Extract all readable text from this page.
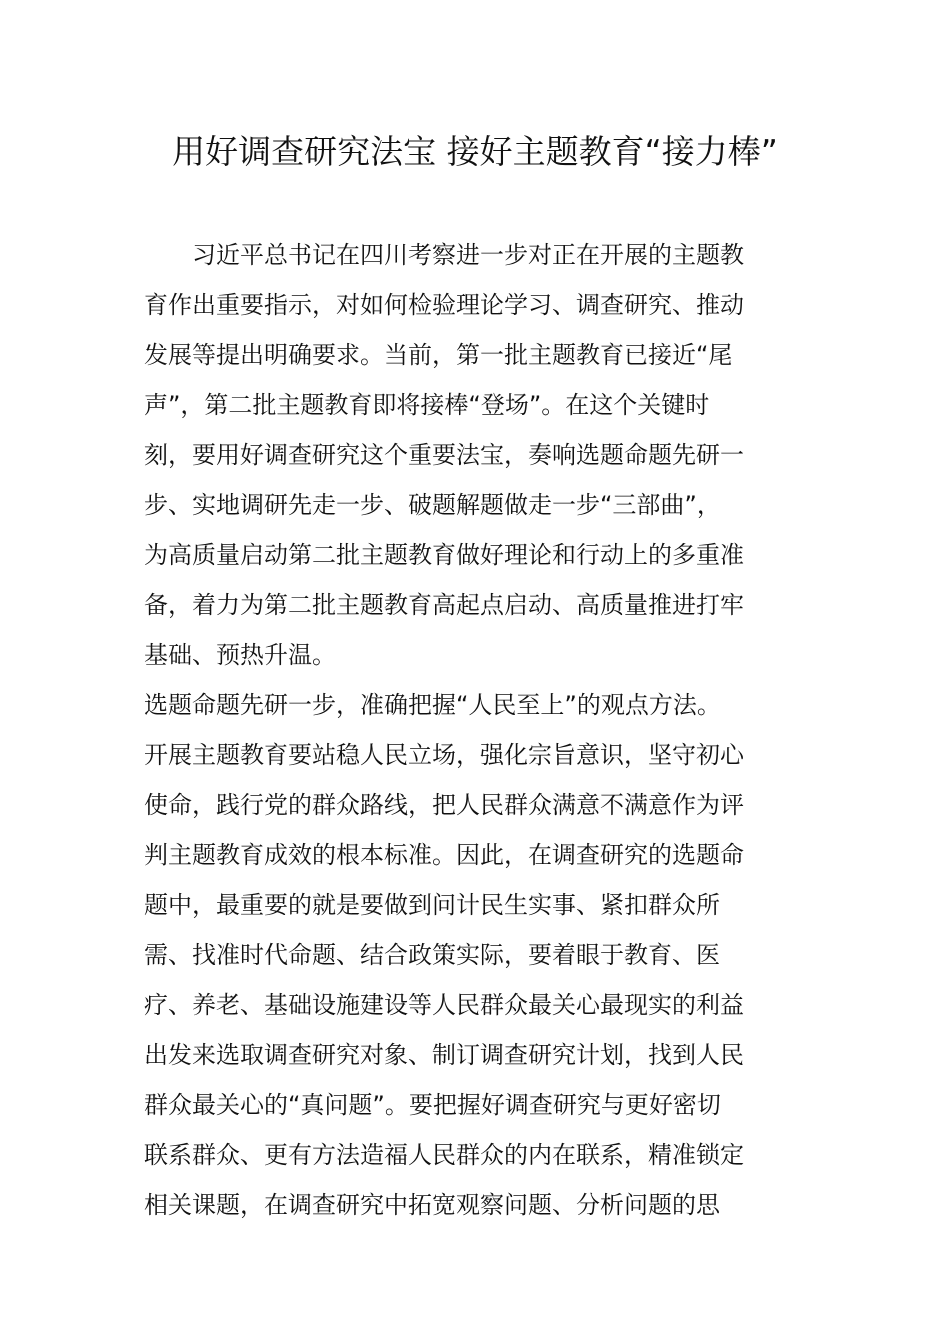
用好调查研究法宝 接好主题教育“接力棒”

　　习近平总书记在四川考察进一步对正在开展的主题教
育作出重要指示，对如何检验理论学习、调查研究、推动
发展等提出明确要求。当前，第一批主题教育已接近“尾
声”，第二批主题教育即将接棒“登场”。在这个关键时
刻，要用好调查研究这个重要法宝，奏响选题命题先研一
步、实地调研先走一步、破题解题做走一步“三部曲”，
为高质量启动第二批主题教育做好理论和行动上的多重准
备，着力为第二批主题教育高起点启动、高质量推进打牢
基础、预热升温。

选题命题先研一步，准确把握“人民至上”的观点方法。
开展主题教育要站稳人民立场，强化宗旨意识，坚守初心
使命，践行党的群众路线，把人民群众满意不满意作为评
判主题教育成效的根本标准。因此，在调查研究的选题命
题中，最重要的就是要做到问计民生实事、紧扣群众所
需、找准时代命题、结合政策实际，要着眼于教育、医
疗、养老、基础设施建设等人民群众最关心最现实的利益
出发来选取调查研究对象、制订调查研究计划，找到人民
群众最关心的“真问题”。要把握好调查研究与更好密切
联系群众、更有方法造福人民群众的内在联系，精准锁定
相关课题，在调查研究中拓宽观察问题、分析问题的思
